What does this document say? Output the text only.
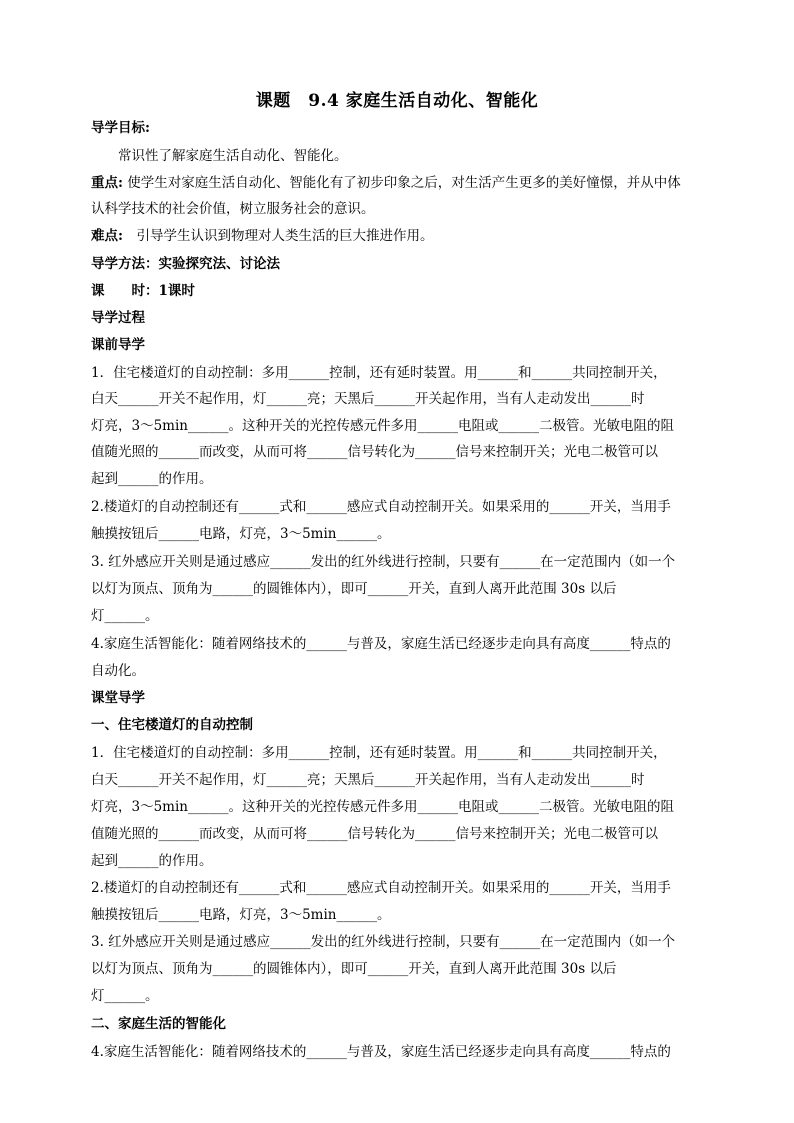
课题　9.4 家庭生活自动化、智能化
导学目标:
常识性了解家庭生活自动化、智能化。
重点: 使学生对家庭生活自动化、智能化有了初步印象之后，对生活产生更多的美好憧憬，并从中体
认科学技术的社会价值，树立服务社会的意识。
难点:　引导学生认识到物理对人类生活的巨大推进作用。
导学方法：实验探究法、讨论法
课　　时：1课时
导学过程
课前导学
1．住宅楼道灯的自动控制：多用______控制，还有延时装置。用______和______共同控制开关，
白天______开关不起作用，灯______亮；天黑后______开关起作用，当有人走动发出______时
灯亮，3～5min______。这种开关的光控传感元件多用______电阻或______二极管。光敏电阻的阻
值随光照的______而改变，从而可将______信号转化为______信号来控制开关；光电二极管可以
起到______的作用。
2.楼道灯的自动控制还有______式和______感应式自动控制开关。如果采用的______开关，当用手
触摸按钮后______电路，灯亮，3～5min______。
3. 红外感应开关则是通过感应______发出的红外线进行控制，只要有______在一定范围内（如一个
以灯为顶点、顶角为______的圆锥体内），即可______开关，直到人离开此范围 30s 以后
灯______。
4.家庭生活智能化：随着网络技术的______与普及，家庭生活已经逐步走向具有高度______特点的
自动化。
课堂导学
一、住宅楼道灯的自动控制
1．住宅楼道灯的自动控制：多用______控制，还有延时装置。用______和______共同控制开关，
白天______开关不起作用，灯______亮；天黑后______开关起作用，当有人走动发出______时
灯亮，3～5min______。这种开关的光控传感元件多用______电阻或______二极管。光敏电阻的阻
值随光照的______而改变，从而可将______信号转化为______信号来控制开关；光电二极管可以
起到______的作用。
2.楼道灯的自动控制还有______式和______感应式自动控制开关。如果采用的______开关，当用手
触摸按钮后______电路，灯亮，3～5min______。
3. 红外感应开关则是通过感应______发出的红外线进行控制，只要有______在一定范围内（如一个
以灯为顶点、顶角为______的圆锥体内），即可______开关，直到人离开此范围 30s 以后
灯______。
二、家庭生活的智能化
4.家庭生活智能化：随着网络技术的______与普及，家庭生活已经逐步走向具有高度______特点的
